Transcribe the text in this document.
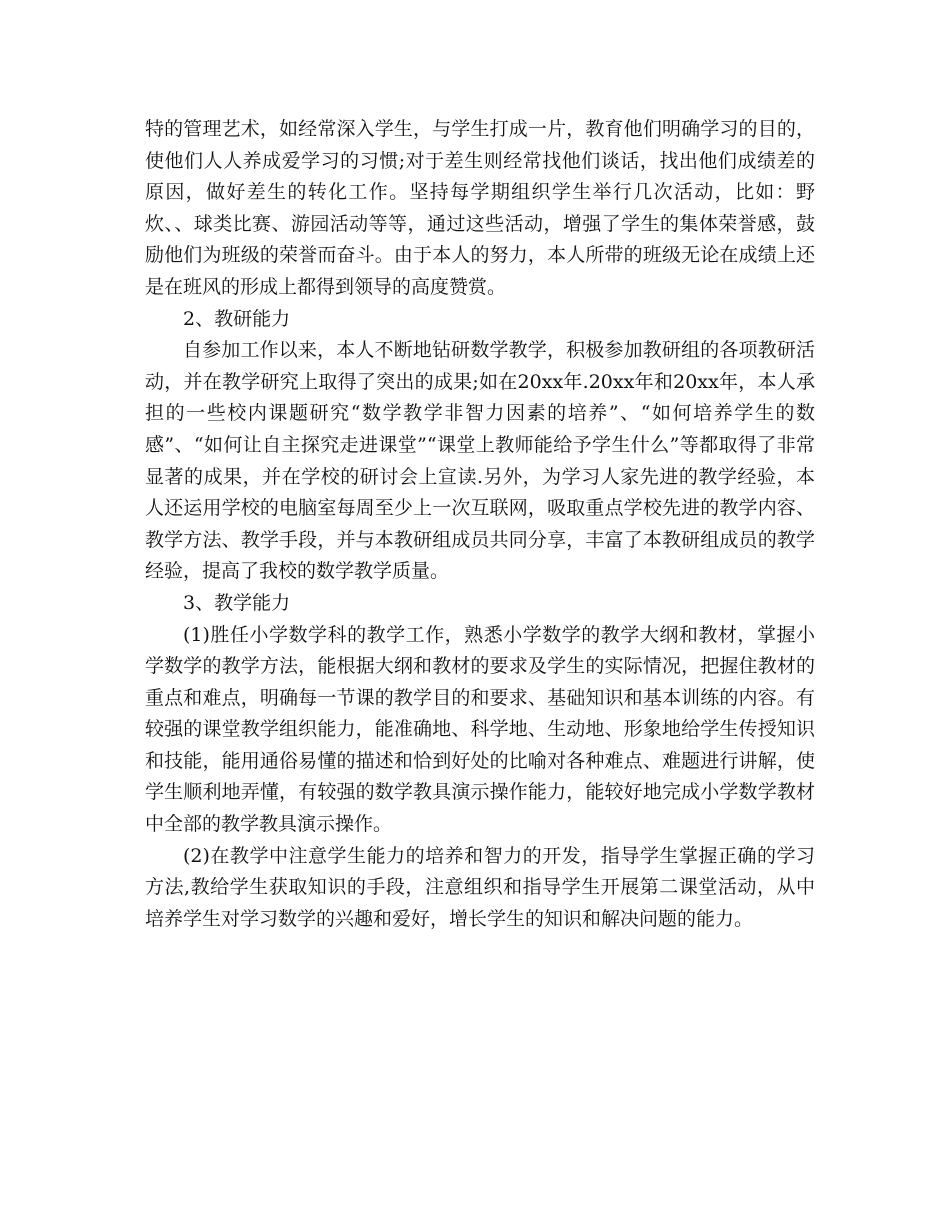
特的管理艺术，如经常深入学生，与学生打成一片，教育他们明确学习的目的，使他们人人养成爱学习的习惯;对于差生则经常找他们谈话，找出他们成绩差的原因，做好差生的转化工作。坚持每学期组织学生举行几次活动，比如：野炊、、球类比赛、游园活动等等，通过这些活动，增强了学生的集体荣誉感，鼓励他们为班级的荣誉而奋斗。由于本人的努力，本人所带的班级无论在成绩上还是在班风的形成上都得到领导的高度赞赏。

2、教研能力

自参加工作以来，本人不断地钻研数学教学，积极参加教研组的各项教研活动，并在教学研究上取得了突出的成果;如在20xx年.20xx年和20xx年，本人承担的一些校内课题研究“数学教学非智力因素的培养”、“如何培养学生的数感”、“如何让自主探究走进课堂”“课堂上教师能给予学生什么”等都取得了非常显著的成果，并在学校的研讨会上宣读.另外，为学习人家先进的教学经验，本人还运用学校的电脑室每周至少上一次互联网，吸取重点学校先进的教学内容、教学方法、教学手段，并与本教研组成员共同分享，丰富了本教研组成员的教学经验，提高了我校的数学教学质量。

3、教学能力

(1)胜任小学数学科的教学工作，熟悉小学数学的教学大纲和教材，掌握小学数学的教学方法，能根据大纲和教材的要求及学生的实际情况，把握住教材的重点和难点，明确每一节课的教学目的和要求、基础知识和基本训练的内容。有较强的课堂教学组织能力，能准确地、科学地、生动地、形象地给学生传授知识和技能，能用通俗易懂的描述和恰到好处的比喻对各种难点、难题进行讲解，使学生顺利地弄懂，有较强的数学教具演示操作能力，能较好地完成小学数学教材中全部的教学教具演示操作。

(2)在教学中注意学生能力的培养和智力的开发，指导学生掌握正确的学习方法,教给学生获取知识的手段，注意组织和指导学生开展第二课堂活动，从中培养学生对学习数学的兴趣和爱好，增长学生的知识和解决问题的能力。
